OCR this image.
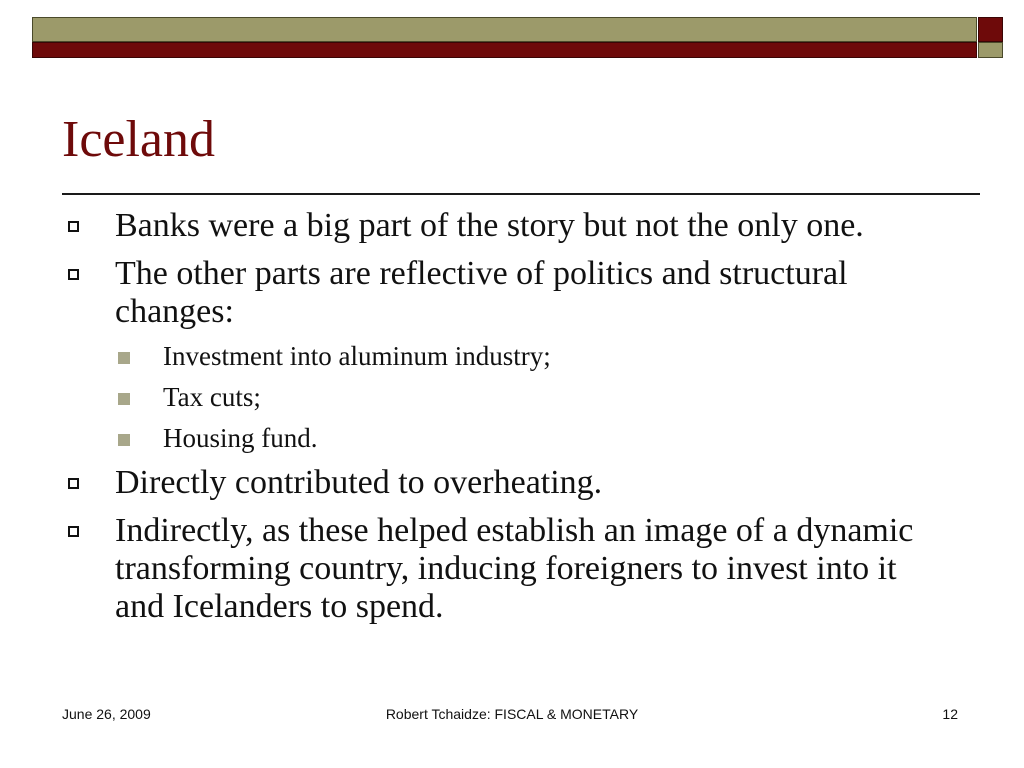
Iceland
Banks were a big part of the story but not the only one.
The other parts are reflective of politics and structural changes:
Investment into aluminum industry;
Tax cuts;
Housing fund.
Directly contributed to overheating.
Indirectly, as these helped establish an image of a dynamic transforming country, inducing foreigners to invest into it and Icelanders to spend.
June 26, 2009	Robert Tchaidze: FISCAL & MONETARY	12
